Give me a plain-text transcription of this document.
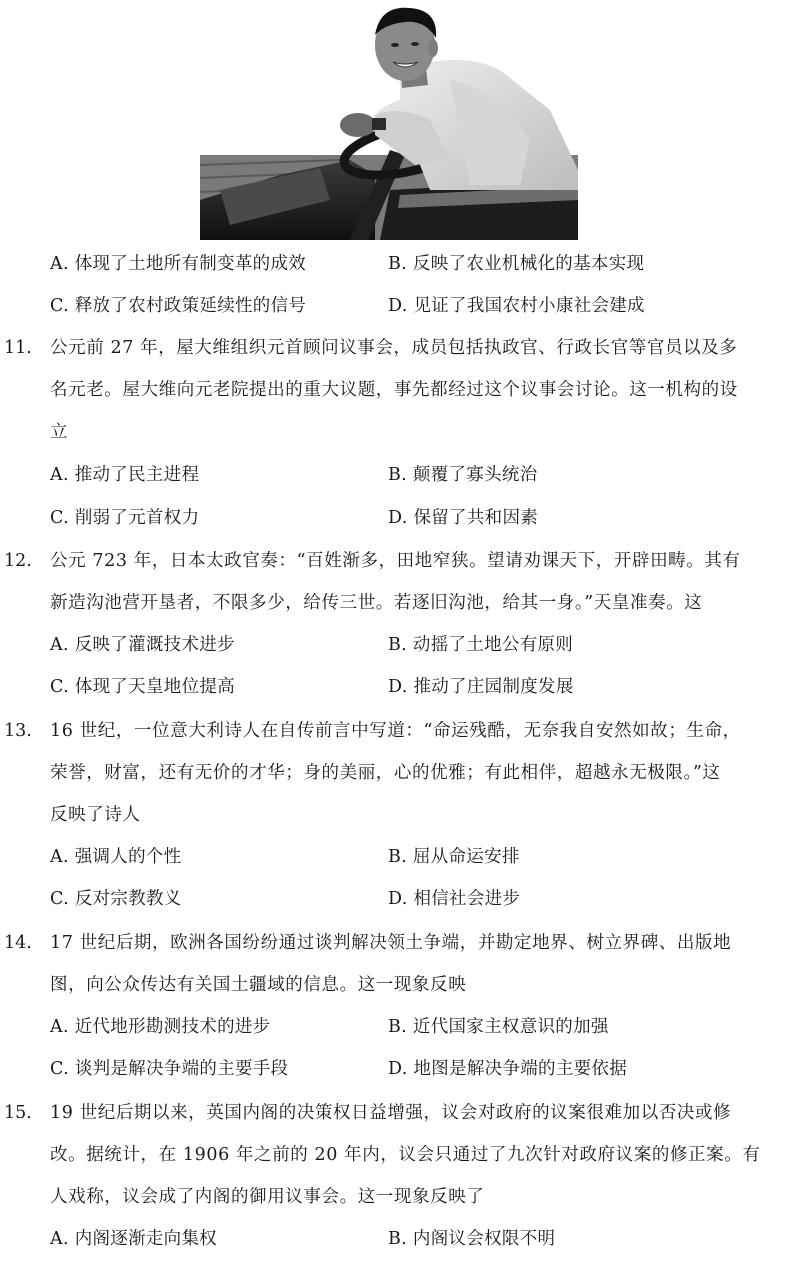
A. 体现了土地所有制变革的成效	B. 反映了农业机械化的基本实现
C. 释放了农村政策延续性的信号	D. 见证了我国农村小康社会建成
11. 公元前 27 年，屋大维组织元首顾问议事会，成员包括执政官、行政长官等官员以及多
名元老。屋大维向元老院提出的重大议题，事先都经过这个议事会讨论。这一机构的设
立
A. 推动了民主进程	B. 颠覆了寡头统治
C. 削弱了元首权力	D. 保留了共和因素
12. 公元 723 年，日本太政官奏：“百姓渐多，田地窄狭。望请劝课天下，开辟田畴。其有
新造沟池营开垦者，不限多少，给传三世。若逐旧沟池，给其一身。”天皇准奏。这
A. 反映了灌溉技术进步	B. 动摇了土地公有原则
C. 体现了天皇地位提高	D. 推动了庄园制度发展
13. 16 世纪，一位意大利诗人在自传前言中写道：“命运残酷，无奈我自安然如故；生命，
荣誉，财富，还有无价的才华；身的美丽，心的优雅；有此相伴，超越永无极限。”这
反映了诗人
A. 强调人的个性	B. 屈从命运安排
C. 反对宗教教义	D. 相信社会进步
14. 17 世纪后期，欧洲各国纷纷通过谈判解决领土争端，并勘定地界、树立界碑、出版地
图，向公众传达有关国土疆域的信息。这一现象反映
A. 近代地形勘测技术的进步	B. 近代国家主权意识的加强
C. 谈判是解决争端的主要手段	D. 地图是解决争端的主要依据
15. 19 世纪后期以来，英国内阁的决策权日益增强，议会对政府的议案很难加以否决或修
改。据统计，在 1906 年之前的 20 年内，议会只通过了九次针对政府议案的修正案。有
人戏称，议会成了内阁的御用议事会。这一现象反映了
A. 内阁逐渐走向集权	B. 内阁议会权限不明
